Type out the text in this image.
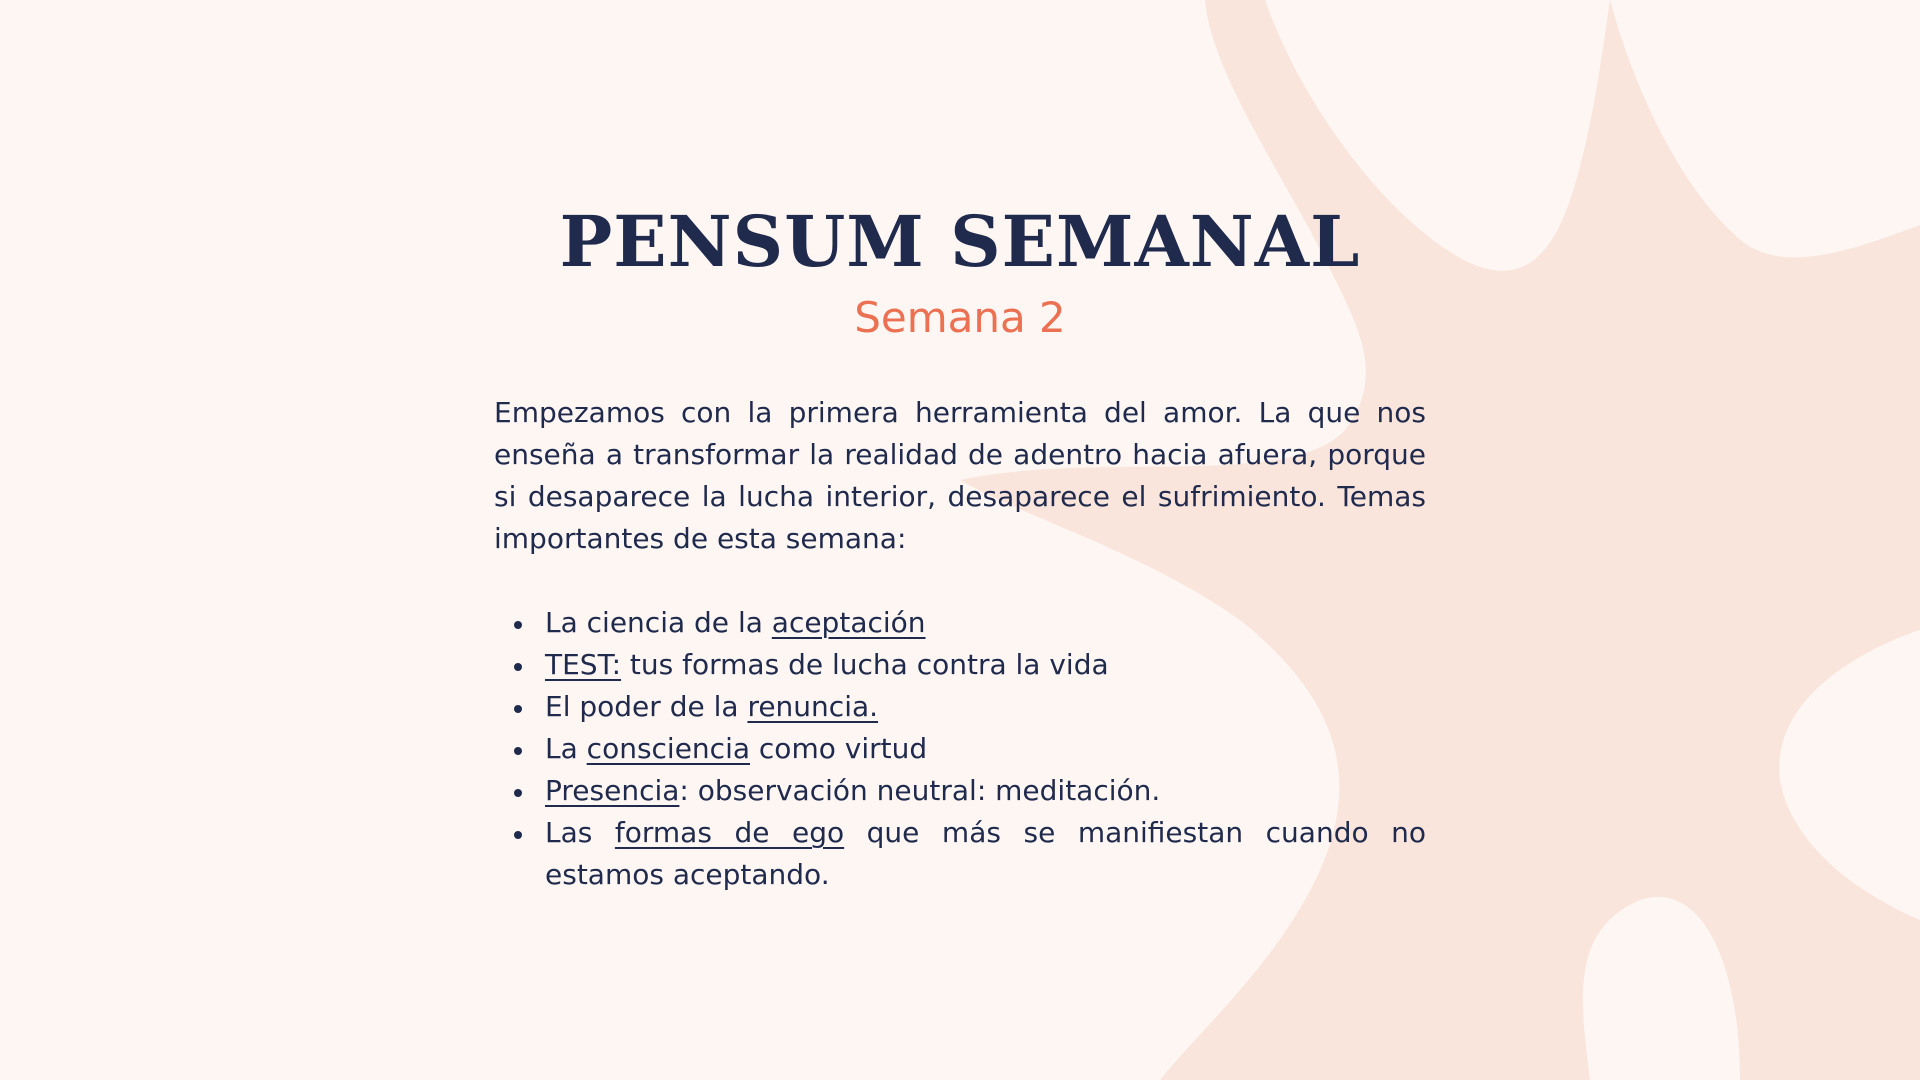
PENSUM SEMANAL
Semana 2

Empezamos con la primera herramienta del amor. La que nos enseña a transformar la realidad de adentro hacia afuera, porque si desaparece la lucha interior, desaparece el sufrimiento. Temas importantes de esta semana:

La ciencia de la aceptación
TEST: tus formas de lucha contra la vida
El poder de la renuncia.
La consciencia como virtud
Presencia: observación neutral: meditación.
Las formas de ego que más se manifiestan cuando no estamos aceptando.
